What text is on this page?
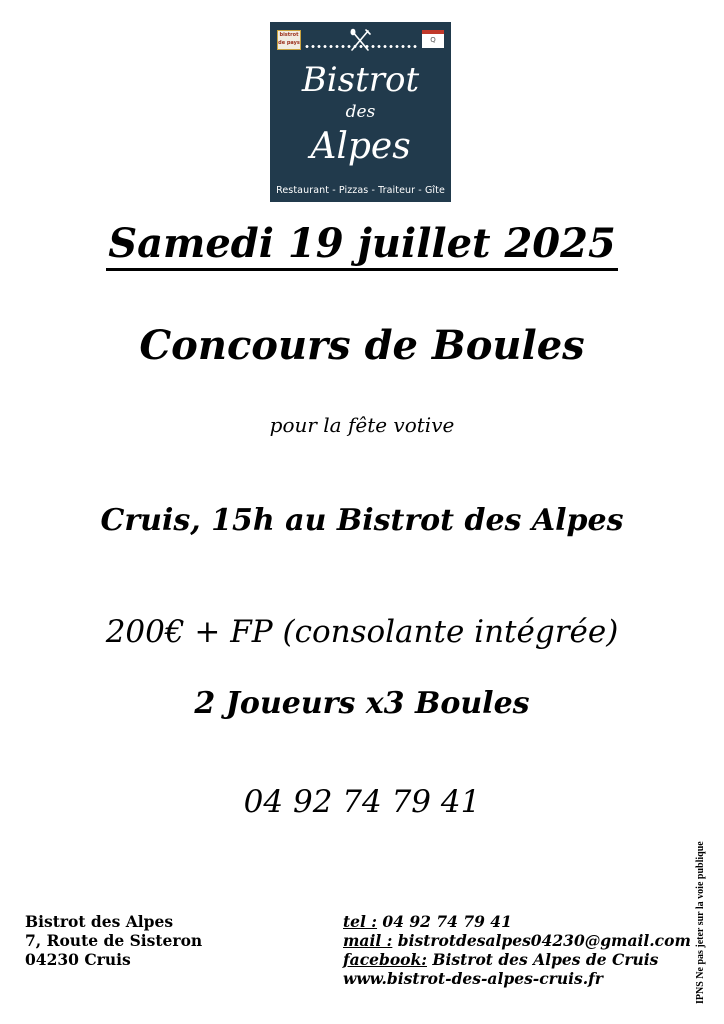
bistrot de pays	Q
Bistrot
des
Alpes
Restaurant - Pizzas - Traiteur - Gîte
Samedi 19 juillet 2025
Concours de Boules
pour la fête votive
Cruis, 15h au Bistrot des Alpes
200€ + FP (consolante intégrée)
2 Joueurs x3 Boules
04 92 74 79 41
Bistrot des Alpes
7, Route de Sisteron
04230 Cruis
tel : 04 92 74 79 41
mail : bistrotdesalpes04230@gmail.com
facebook: Bistrot des Alpes de Cruis
www.bistrot-des-alpes-cruis.fr	IPNS Ne pas jeter sur la voie publique
